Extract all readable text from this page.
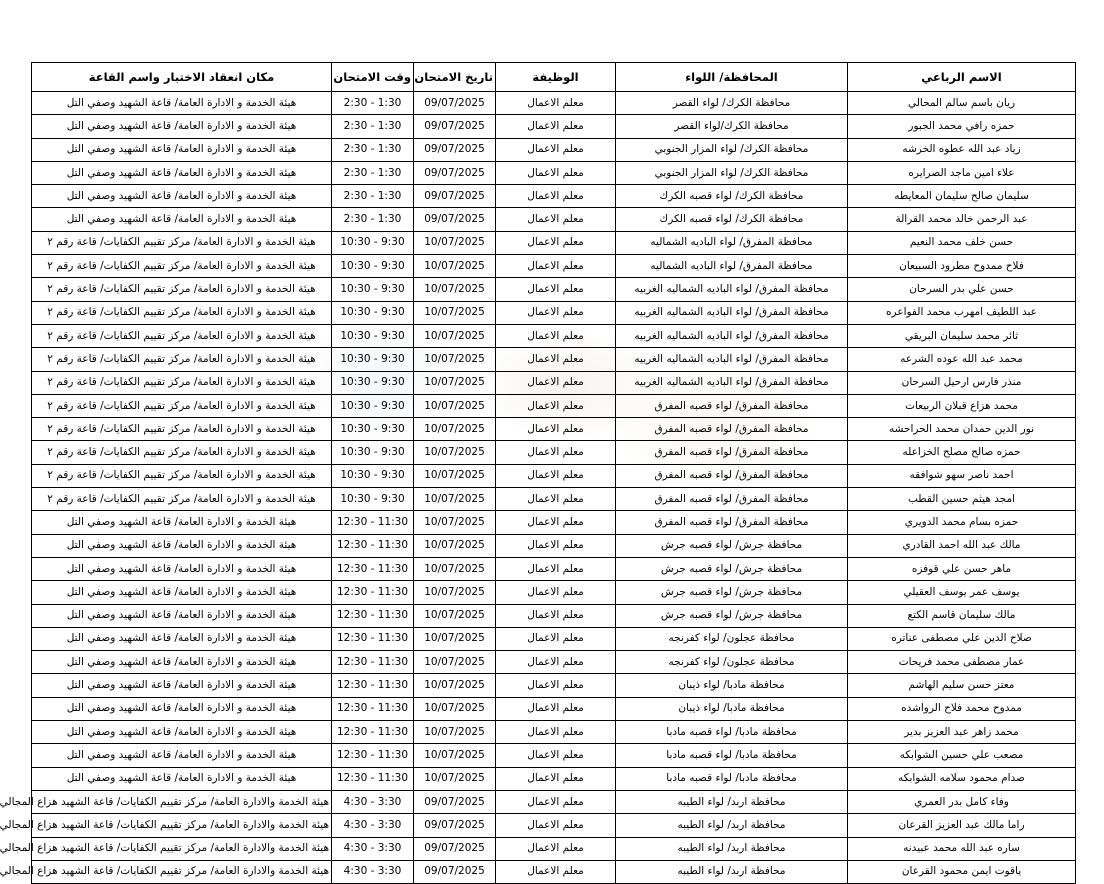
الاسم الرباعي	المحافظة/ اللواء	الوظيفة	تاريخ الامتحان	وقت الامتحان	مكان انعقاد الاختبار واسم القاعة
ريان باسم سالم المحالي	محافظة الكرك/ لواء القصر	معلم الاعمال	09/07/2025	1:30 - 2:30	هيئة الخدمة و الادارة العامة/ قاعة الشهيد وصفي التل
حمزه رافي محمد الجبور	محافظة الكرك/لواء القصر	معلم الاعمال	09/07/2025	1:30 - 2:30	هيئة الخدمة و الادارة العامة/ قاعة الشهيد وصفي التل
زياد عبد الله عطوه الخرشه	محافظة الكرك/ لواء المزار الجنوبي	معلم الاعمال	09/07/2025	1:30 - 2:30	هيئة الخدمة و الادارة العامة/ قاعة الشهيد وصفي التل
علاء امين ماجد الصرايره	محافظة الكرك/ لواء المزار الجنوبي	معلم الاعمال	09/07/2025	1:30 - 2:30	هيئة الخدمة و الادارة العامة/ قاعة الشهيد وصفي التل
سليمان صالح سليمان المعايطه	محافظة الكرك/ لواء قصبه الكرك	معلم الاعمال	09/07/2025	1:30 - 2:30	هيئة الخدمة و الادارة العامة/ قاعة الشهيد وصفي التل
عبد الرحمن خالد محمد القرالة	محافظة الكرك/ لواء قصبه الكرك	معلم الاعمال	09/07/2025	1:30 - 2:30	هيئة الخدمة و الادارة العامة/ قاعة الشهيد وصفي التل
حسن خلف محمد النعيم	محافظة المفرق/ لواء الباديه الشماليه	معلم الاعمال	10/07/2025	9:30 - 10:30	هيئة الخدمة و الادارة العامة/ مركز تقييم الكفايات/ قاعة رقم ٢
فلاح ممدوح مطرود السبيعان	محافظة المفرق/ لواء الباديه الشماليه	معلم الاعمال	10/07/2025	9:30 - 10:30	هيئة الخدمة و الادارة العامة/ مركز تقييم الكفايات/ قاعة رقم ٢
حسن علي بدر السرحان	محافظة المفرق/ لواء الباديه الشماليه الغربيه	معلم الاعمال	10/07/2025	9:30 - 10:30	هيئة الخدمة و الادارة العامة/ مركز تقييم الكفايات/ قاعة رقم ٢
عبد اللطيف امهرب محمد الفواعره	محافظة المفرق/ لواء الباديه الشماليه الغربيه	معلم الاعمال	10/07/2025	9:30 - 10:30	هيئة الخدمة و الادارة العامة/ مركز تقييم الكفايات/ قاعة رقم ٢
ثائر محمد سليمان البريقي	محافظة المفرق/ لواء الباديه الشماليه الغربيه	معلم الاعمال	10/07/2025	9:30 - 10:30	هيئة الخدمة و الادارة العامة/ مركز تقييم الكفايات/ قاعة رقم ٢
محمد عبد الله عوده الشرعه	محافظة المفرق/ لواء الباديه الشماليه الغربيه	معلم الاعمال	10/07/2025	9:30 - 10:30	هيئة الخدمة و الادارة العامة/ مركز تقييم الكفايات/ قاعة رقم ٢
منذر فارس ارحيل السرحان	محافظة المفرق/ لواء الباديه الشماليه الغربيه	معلم الاعمال	10/07/2025	9:30 - 10:30	هيئة الخدمة و الادارة العامة/ مركز تقييم الكفايات/ قاعة رقم ٢
محمد هزاع قبلان الربيعات	محافظة المفرق/ لواء قصبه المفرق	معلم الاعمال	10/07/2025	9:30 - 10:30	هيئة الخدمة و الادارة العامة/ مركز تقييم الكفايات/ قاعة رقم ٢
نور الدين حمدان محمد الحراحشه	محافظة المفرق/ لواء قصبه المفرق	معلم الاعمال	10/07/2025	9:30 - 10:30	هيئة الخدمة و الادارة العامة/ مركز تقييم الكفايات/ قاعة رقم ٢
حمزه صالح مصلح الخزاعله	محافظة المفرق/ لواء قصبه المفرق	معلم الاعمال	10/07/2025	9:30 - 10:30	هيئة الخدمة و الادارة العامة/ مركز تقييم الكفايات/ قاعة رقم ٢
احمد ناصر سهو شوافقه	محافظة المفرق/ لواء قصبه المفرق	معلم الاعمال	10/07/2025	9:30 - 10:30	هيئة الخدمة و الادارة العامة/ مركز تقييم الكفايات/ قاعة رقم ٢
امجد هيثم حسين القطب	محافظة المفرق/ لواء قصبه المفرق	معلم الاعمال	10/07/2025	9:30 - 10:30	هيئة الخدمة و الادارة العامة/ مركز تقييم الكفايات/ قاعة رقم ٢
حمزه بسام محمد الدويري	محافظة المفرق/ لواء قصبه المفرق	معلم الاعمال	10/07/2025	11:30 - 12:30	هيئة الخدمة و الادارة العامة/ قاعة الشهيد وصفي التل
مالك عبد الله احمد القادري	محافظة جرش/ لواء قصبه جرش	معلم الاعمال	10/07/2025	11:30 - 12:30	هيئة الخدمة و الادارة العامة/ قاعة الشهيد وصفي التل
ماهر حسن علي قوفزه	محافظة جرش/ لواء قصبه جرش	معلم الاعمال	10/07/2025	11:30 - 12:30	هيئة الخدمة و الادارة العامة/ قاعة الشهيد وصفي التل
يوسف عمر يوسف العقيلي	محافظة جرش/ لواء قصبه جرش	معلم الاعمال	10/07/2025	11:30 - 12:30	هيئة الخدمة و الادارة العامة/ قاعة الشهيد وصفي التل
مالك سليمان قاسم الكتع	محافظة جرش/ لواء قصبه جرش	معلم الاعمال	10/07/2025	11:30 - 12:30	هيئة الخدمة و الادارة العامة/ قاعة الشهيد وصفي التل
صلاح الدين علي مصطفى عناتره	محافظة عجلون/ لواء كفرنجه	معلم الاعمال	10/07/2025	11:30 - 12:30	هيئة الخدمة و الادارة العامة/ قاعة الشهيد وصفي التل
عمار مصطفى محمد فريحات	محافظة عجلون/ لواء كفرنجه	معلم الاعمال	10/07/2025	11:30 - 12:30	هيئة الخدمة و الادارة العامة/ قاعة الشهيد وصفي التل
معتز حسن سليم الهاشم	محافظة مادبا/ لواء ذيبان	معلم الاعمال	10/07/2025	11:30 - 12:30	هيئة الخدمة و الادارة العامة/ قاعة الشهيد وصفي التل
ممدوح محمد فلاح الرواشده	محافظة مادبا/ لواء ذيبان	معلم الاعمال	10/07/2025	11:30 - 12:30	هيئة الخدمة و الادارة العامة/ قاعة الشهيد وصفي التل
محمد زاهر عبد العزيز بدير	محافظة مادبا/ لواء قصبه مادبا	معلم الاعمال	10/07/2025	11:30 - 12:30	هيئة الخدمة و الادارة العامة/ قاعة الشهيد وصفي التل
مصعب علي حسين الشوابكه	محافظة مادبا/ لواء قصبه مادبا	معلم الاعمال	10/07/2025	11:30 - 12:30	هيئة الخدمة و الادارة العامة/ قاعة الشهيد وصفي التل
صدام محمود سلامه الشوابكه	محافظة مادبا/ لواء قصبه مادبا	معلم الاعمال	10/07/2025	11:30 - 12:30	هيئة الخدمة و الادارة العامة/ قاعة الشهيد وصفي التل
وفاء كامل بدر العمري	محافظة اربد/ لواء الطيبه	معلم الاعمال	09/07/2025	3:30 - 4:30	هيئة الخدمة والادارة العامة/ مركز تقييم الكفايات/ قاعة الشهيد هزاع المجالي
راما مالك عبد العزيز القرعان	محافظة اربد/ لواء الطيبه	معلم الاعمال	09/07/2025	3:30 - 4:30	هيئة الخدمة والادارة العامة/ مركز تقييم الكفايات/ قاعة الشهيد هزاع المجالي
ساره عبد الله محمد عبيدنه	محافظة اربد/ لواء الطيبه	معلم الاعمال	09/07/2025	3:30 - 4:30	هيئة الخدمة والادارة العامة/ مركز تقييم الكفايات/ قاعة الشهيد هزاع المجالي
ياقوت ايمن محمود القرعان	محافظة اربد/ لواء الطيبه	معلم الاعمال	09/07/2025	3:30 - 4:30	هيئة الخدمة والادارة العامة/ مركز تقييم الكفايات/ قاعة الشهيد هزاع المجالي
